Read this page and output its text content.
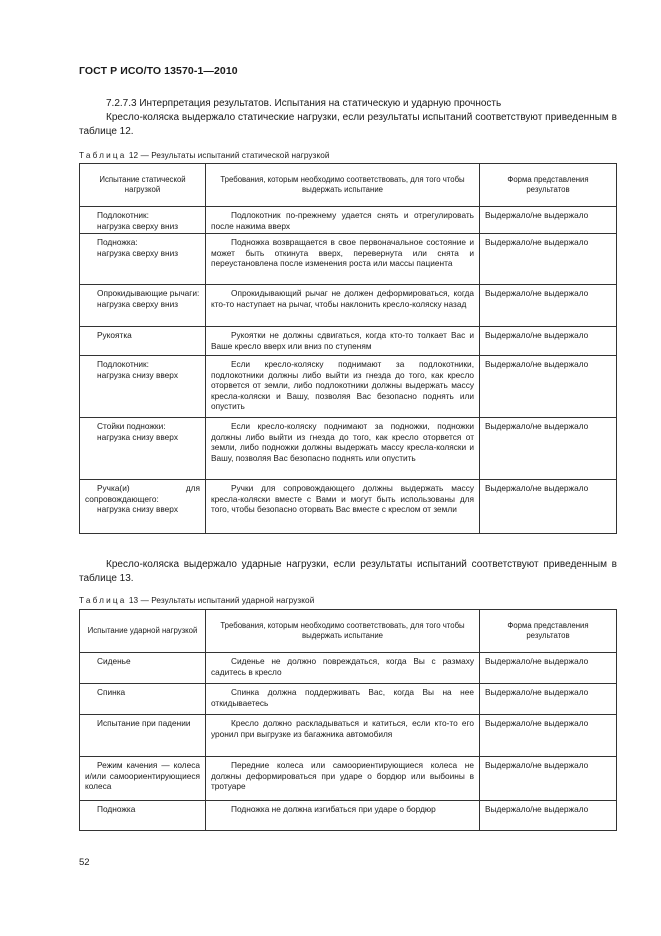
ГОСТ Р ИСО/ТО 13570-1—2010
7.2.7.3 Интерпретация результатов. Испытания на статическую и ударную прочность
Кресло-коляска выдержало статические нагрузки, если результаты испытаний соответствуют приведенным в таблице 12.
Таблица 12 — Результаты испытаний статической нагрузкой
Испытание статической нагрузкой	Требования, которым необходимо соответствовать, для того чтобы выдержать испытание	Форма представления результатов

Подлокотник:
нагрузка сверху вниз	Подлокотник по-прежнему удается снять и отрегулировать после нажима вверх	Выдержало/не выдержало

Подножка:
нагрузка сверху вниз	Подножка возвращается в свое первоначальное состояние и может быть откинута вверх, перевернута или снята и переустановлена после изменения роста или массы пациента	Выдержало/не выдержало

Опрокидывающие рычаги:
нагрузка сверху вниз	Опрокидывающий рычаг не должен деформироваться, когда кто-то наступает на рычаг, чтобы наклонить кресло-коляску назад	Выдержало/не выдержало

Рукоятка	Рукоятки не должны сдвигаться, когда кто-то толкает Вас и Ваше кресло вверх или вниз по ступеням	Выдержало/не выдержало

Подлокотник:
нагрузка снизу вверх	Если кресло-коляску поднимают за подлокотники, подлокотники должны либо выйти из гнезда до того, как кресло оторвется от земли, либо подлокотники должны выдержать массу кресла-коляски и Вашу, позволяя Вас безопасно поднять или опустить	Выдержало/не выдержало

Стойки подножки:
нагрузка снизу вверх	Если кресло-коляску поднимают за подножки, подножки должны либо выйти из гнезда до того, как кресло оторвется от земли, либо подножки должны выдержать массу кресла-коляски и Вашу, позволяя Вас безопасно поднять или опустить	Выдержало/не выдержало

Ручка(и) для сопровождающего:
нагрузка снизу вверх	Ручки для сопровождающего должны выдержать массу кресла-коляски вместе с Вами и могут быть использованы для того, чтобы безопасно оторвать Вас вместе с креслом от земли	Выдержало/не выдержало
Кресло-коляска выдержало ударные нагрузки, если результаты испытаний соответствуют приведенным в таблице 13.
Таблица 13 — Результаты испытаний ударной нагрузкой
Испытание ударной нагрузкой	Требования, которым необходимо соответствовать, для того чтобы выдержать испытание	Форма представления результатов

Сиденье	Сиденье не должно повреждаться, когда Вы с размаху садитесь в кресло	Выдержало/не выдержало

Спинка	Спинка должна поддерживать Вас, когда Вы на нее откидываетесь	Выдержало/не выдержало

Испытание при падении	Кресло должно раскладываться и катиться, если кто-то его уронил при выгрузке из багажника автомобиля	Выдержало/не выдержало

Режим качения — колеса и/или самоориентирующиеся колеса	Передние колеса или самоориентирующиеся колеса не должны деформироваться при ударе о бордюр или выбоины в тротуаре	Выдержало/не выдержало

Подножка	Подножка не должна изгибаться при ударе о бордюр	Выдержало/не выдержало
52
